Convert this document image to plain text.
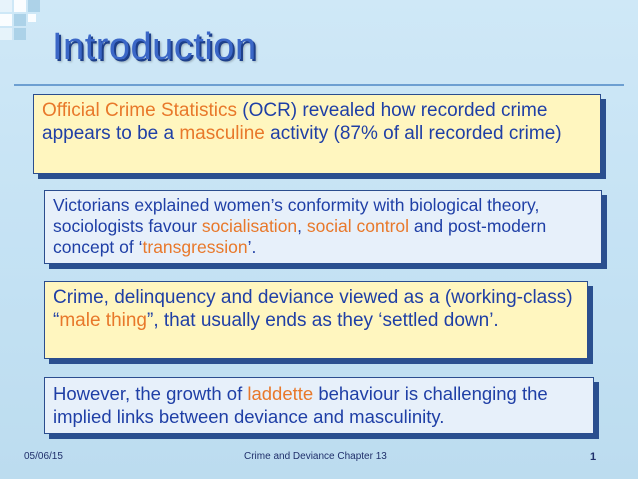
Introduction
Official Crime Statistics (OCR) revealed how recorded crime appears to be a masculine activity (87% of all recorded crime)
Victorians explained women’s conformity with biological theory, sociologists favour socialisation, social control and post-modern concept of ‘transgression’.
Crime, delinquency and deviance viewed as a (working-class) “male thing”, that usually ends as they ‘settled down’.
However, the growth of laddette behaviour is challenging the implied links between deviance and masculinity.
05/06/15	Crime and Deviance Chapter 13	1
